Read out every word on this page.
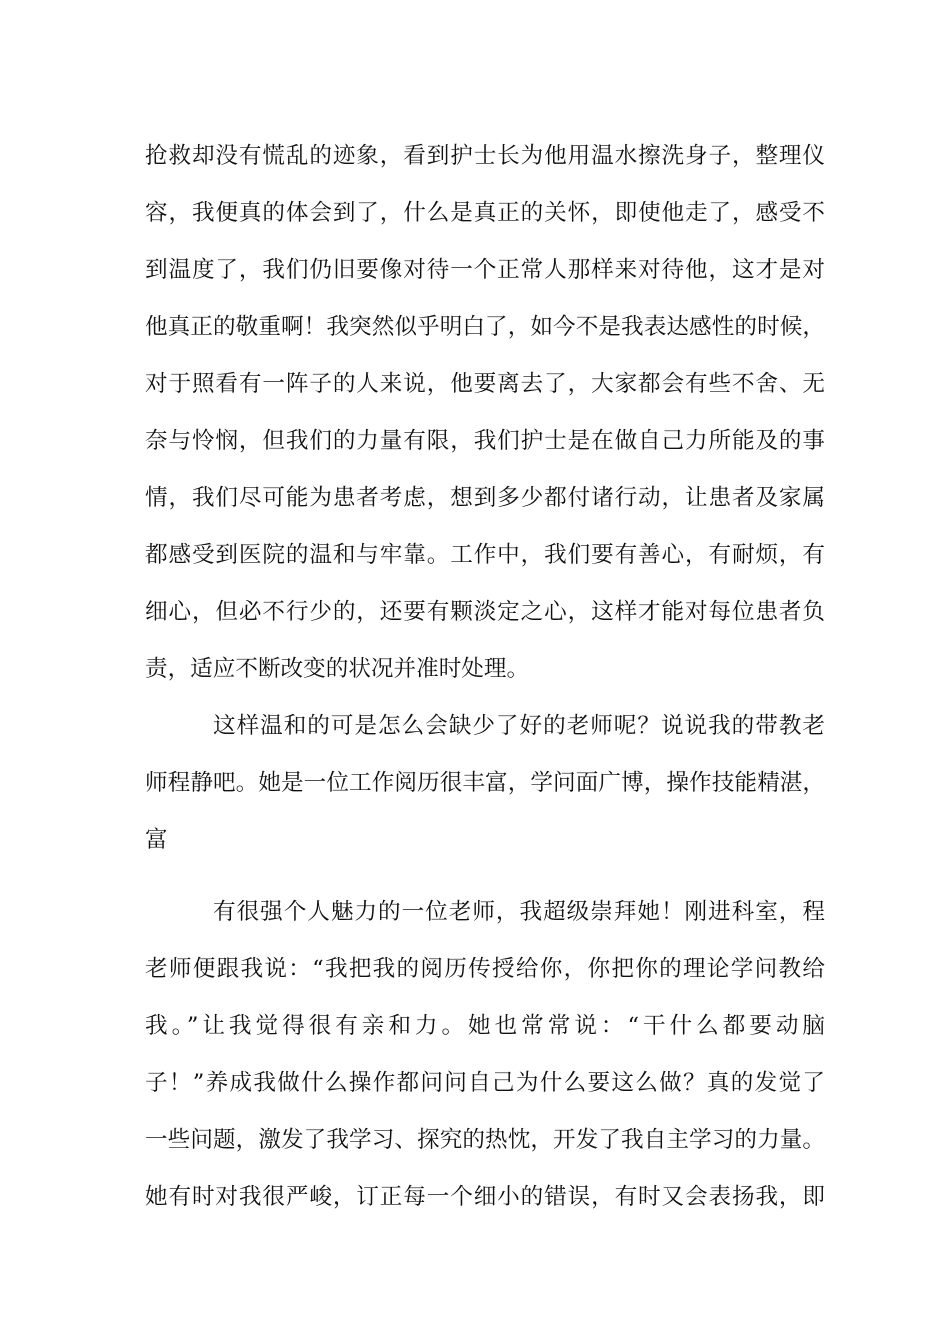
抢救却没有慌乱的迹象，看到护士长为他用温水擦洗身子，整理仪
容，我便真的体会到了，什么是真正的关怀，即使他走了，感受不
到温度了，我们仍旧要像对待一个正常人那样来对待他，这才是对
他真正的敬重啊！我突然似乎明白了，如今不是我表达感性的时候，
对于照看有一阵子的人来说，他要离去了，大家都会有些不舍、无
奈与怜悯，但我们的力量有限，我们护士是在做自己力所能及的事
情，我们尽可能为患者考虑，想到多少都付诸行动，让患者及家属
都感受到医院的温和与牢靠。工作中，我们要有善心，有耐烦，有
细心，但必不行少的，还要有颗淡定之心，这样才能对每位患者负
责，适应不断改变的状况并准时处理。
这样温和的可是怎么会缺少了好的老师呢？说说我的带教老
师程静吧。她是一位工作阅历很丰富，学问面广博，操作技能精湛，
富
有很强个人魅力的一位老师，我超级崇拜她！刚进科室，程
老师便跟我说：“我把我的阅历传授给你，你把你的理论学问教给
我。”让我觉得很有亲和力。她也常常说：“干什么都要动脑
子！”养成我做什么操作都问问自己为什么要这么做？真的发觉了
一些问题，激发了我学习、探究的热忱，开发了我自主学习的力量。
她有时对我很严峻，订正每一个细小的错误，有时又会表扬我，即
